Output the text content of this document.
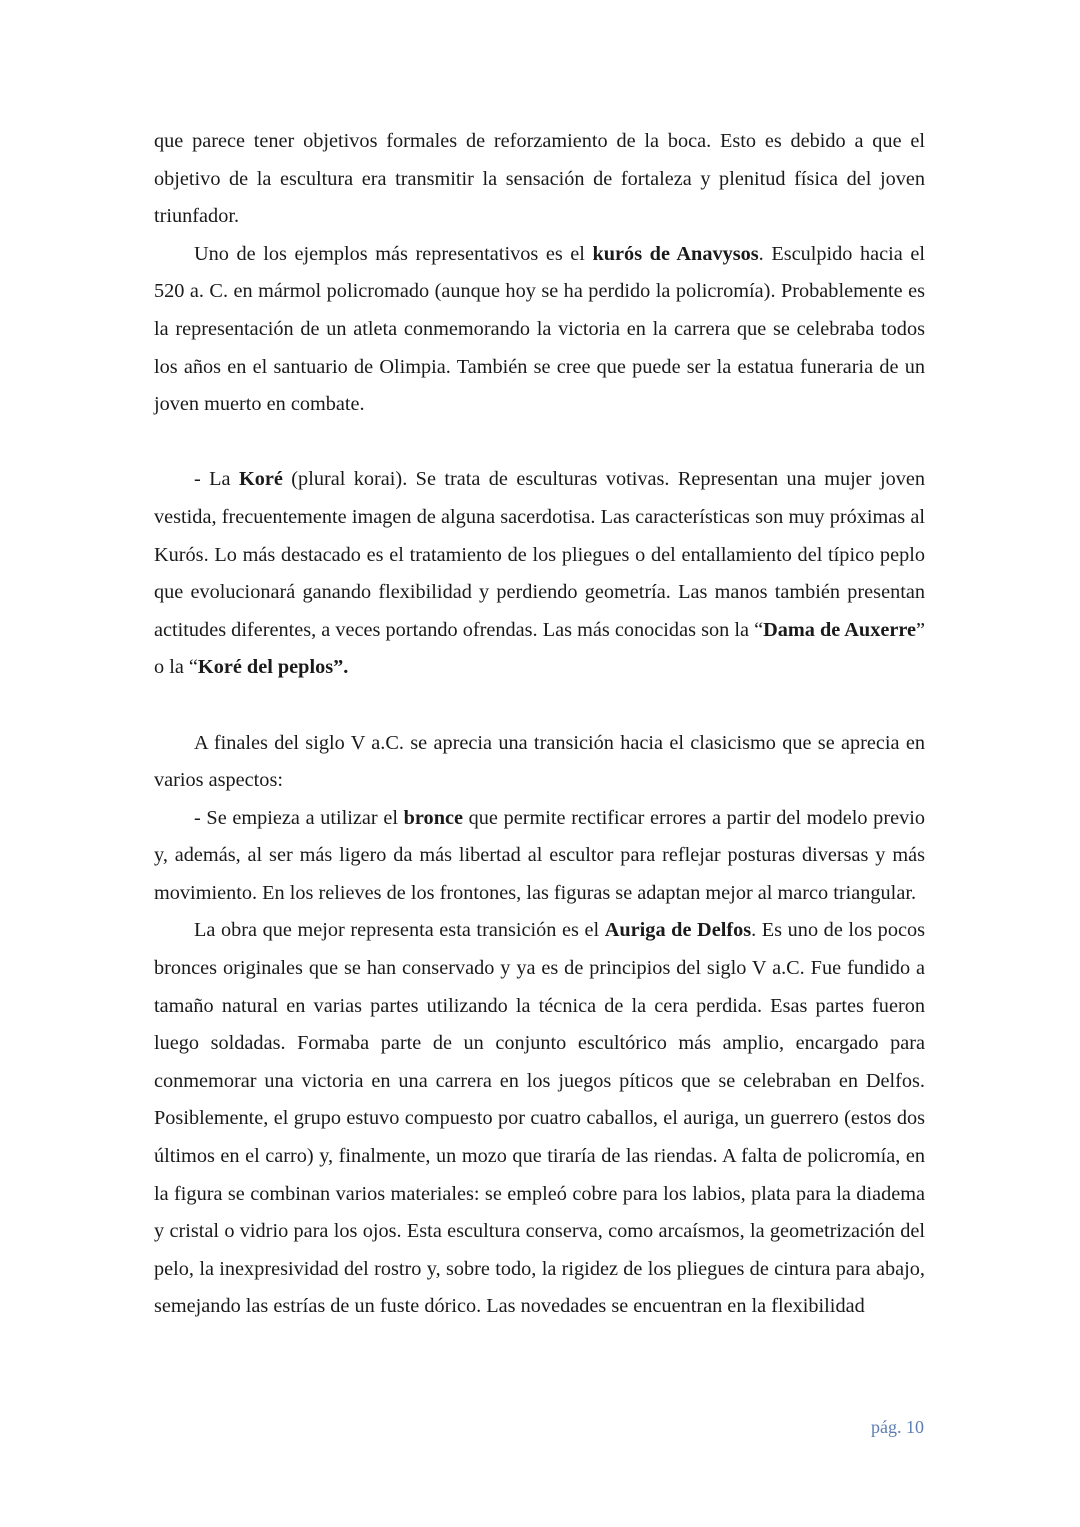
que parece tener objetivos formales de reforzamiento de la boca. Esto es debido a que el objetivo de la escultura era transmitir la sensación de fortaleza y plenitud física del joven triunfador.

Uno de los ejemplos más representativos es el kurós de Anavysos. Esculpido hacia el 520 a. C. en mármol policromado (aunque hoy se ha perdido la policromía). Probablemente es la representación de un atleta conmemorando la victoria en la carrera que se celebraba todos los años en el santuario de Olimpia. También se cree que puede ser la estatua funeraria de un joven muerto en combate.

- La Koré (plural korai). Se trata de esculturas votivas. Representan una mujer joven vestida, frecuentemente imagen de alguna sacerdotisa. Las características son muy próximas al Kurós. Lo más destacado es el tratamiento de los pliegues o del entallamiento del típico peplo que evolucionará ganando flexibilidad y perdiendo geometría. Las manos también presentan actitudes diferentes, a veces portando ofrendas. Las más conocidas son la “Dama de Auxerre” o la “Koré del peplos”.

A finales del siglo V a.C. se aprecia una transición hacia el clasicismo que se aprecia en varios aspectos:

- Se empieza a utilizar el bronce que permite rectificar errores a partir del modelo previo y, además, al ser más ligero da más libertad al escultor para reflejar posturas diversas y más movimiento. En los relieves de los frontones, las figuras se adaptan mejor al marco triangular.

La obra que mejor representa esta transición es el Auriga de Delfos. Es uno de los pocos bronces originales que se han conservado y ya es de principios del siglo V a.C. Fue fundido a tamaño natural en varias partes utilizando la técnica de la cera perdida. Esas partes fueron luego soldadas. Formaba parte de un conjunto escultórico más amplio, encargado para conmemorar una victoria en una carrera en los juegos píticos que se celebraban en Delfos. Posiblemente, el grupo estuvo compuesto por cuatro caballos, el auriga, un guerrero (estos dos últimos en el carro) y, finalmente, un mozo que tiraría de las riendas. A falta de policromía, en la figura se combinan varios materiales: se empleó cobre para los labios, plata para la diadema y cristal o vidrio para los ojos. Esta escultura conserva, como arcaísmos, la geometrización del pelo, la inexpresividad del rostro y, sobre todo, la rigidez de los pliegues de cintura para abajo, semejando las estrías de un fuste dórico. Las novedades se encuentran en la flexibilidad

pág. 10
